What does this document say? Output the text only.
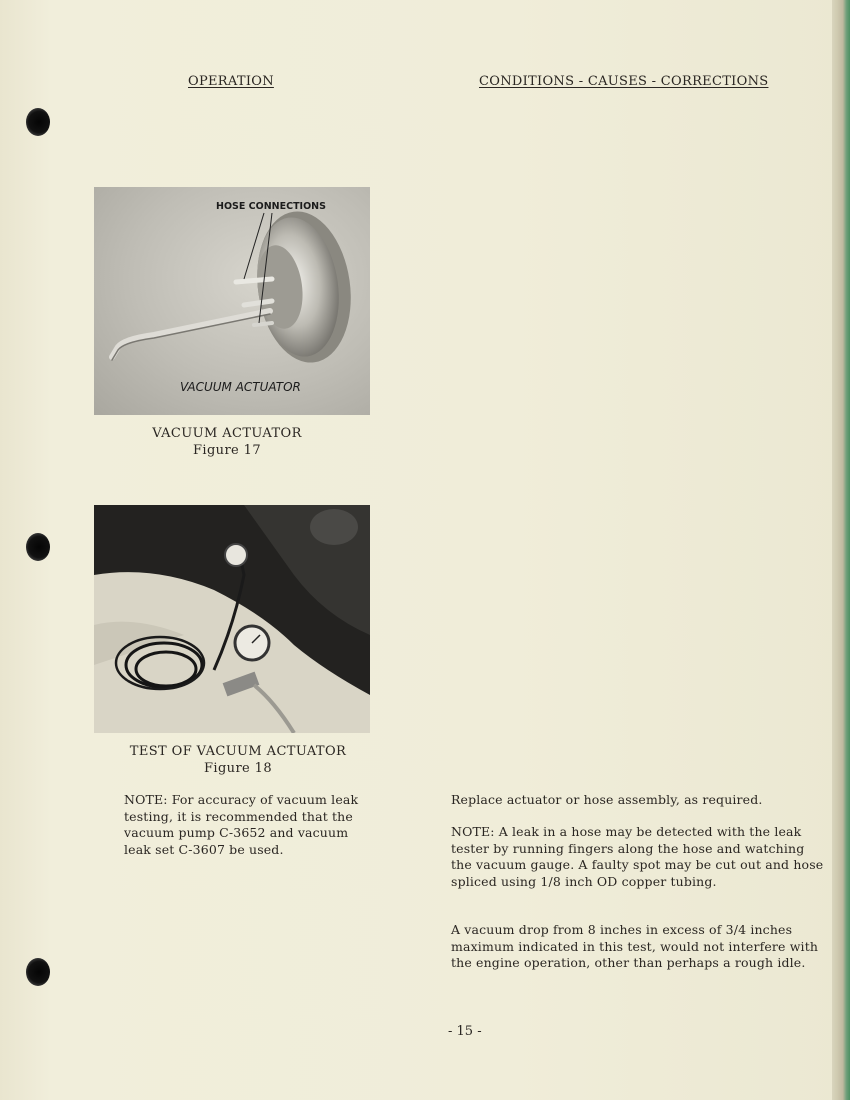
OPERATION	CONDITIONS - CAUSES - CORRECTIONS
HOSE CONNECTIONS
VACUUM ACTUATOR
VACUUM ACTUATOR
Figure 17
TEST OF VACUUM ACTUATOR
Figure 18
NOTE: For accuracy of vacuum leak testing, it is recommended that the vacuum pump C-3652 and vacuum leak set C-3607 be used.
Replace actuator or hose assembly, as required.
NOTE: A leak in a hose may be detected with the leak tester by running fingers along the hose and watching the vacuum gauge. A faulty spot may be cut out and hose spliced using 1/8 inch OD copper tubing.
A vacuum drop from 8 inches in excess of 3/4 inches maximum indicated in this test, would not interfere with the engine operation, other than perhaps a rough idle.
- 15 -
